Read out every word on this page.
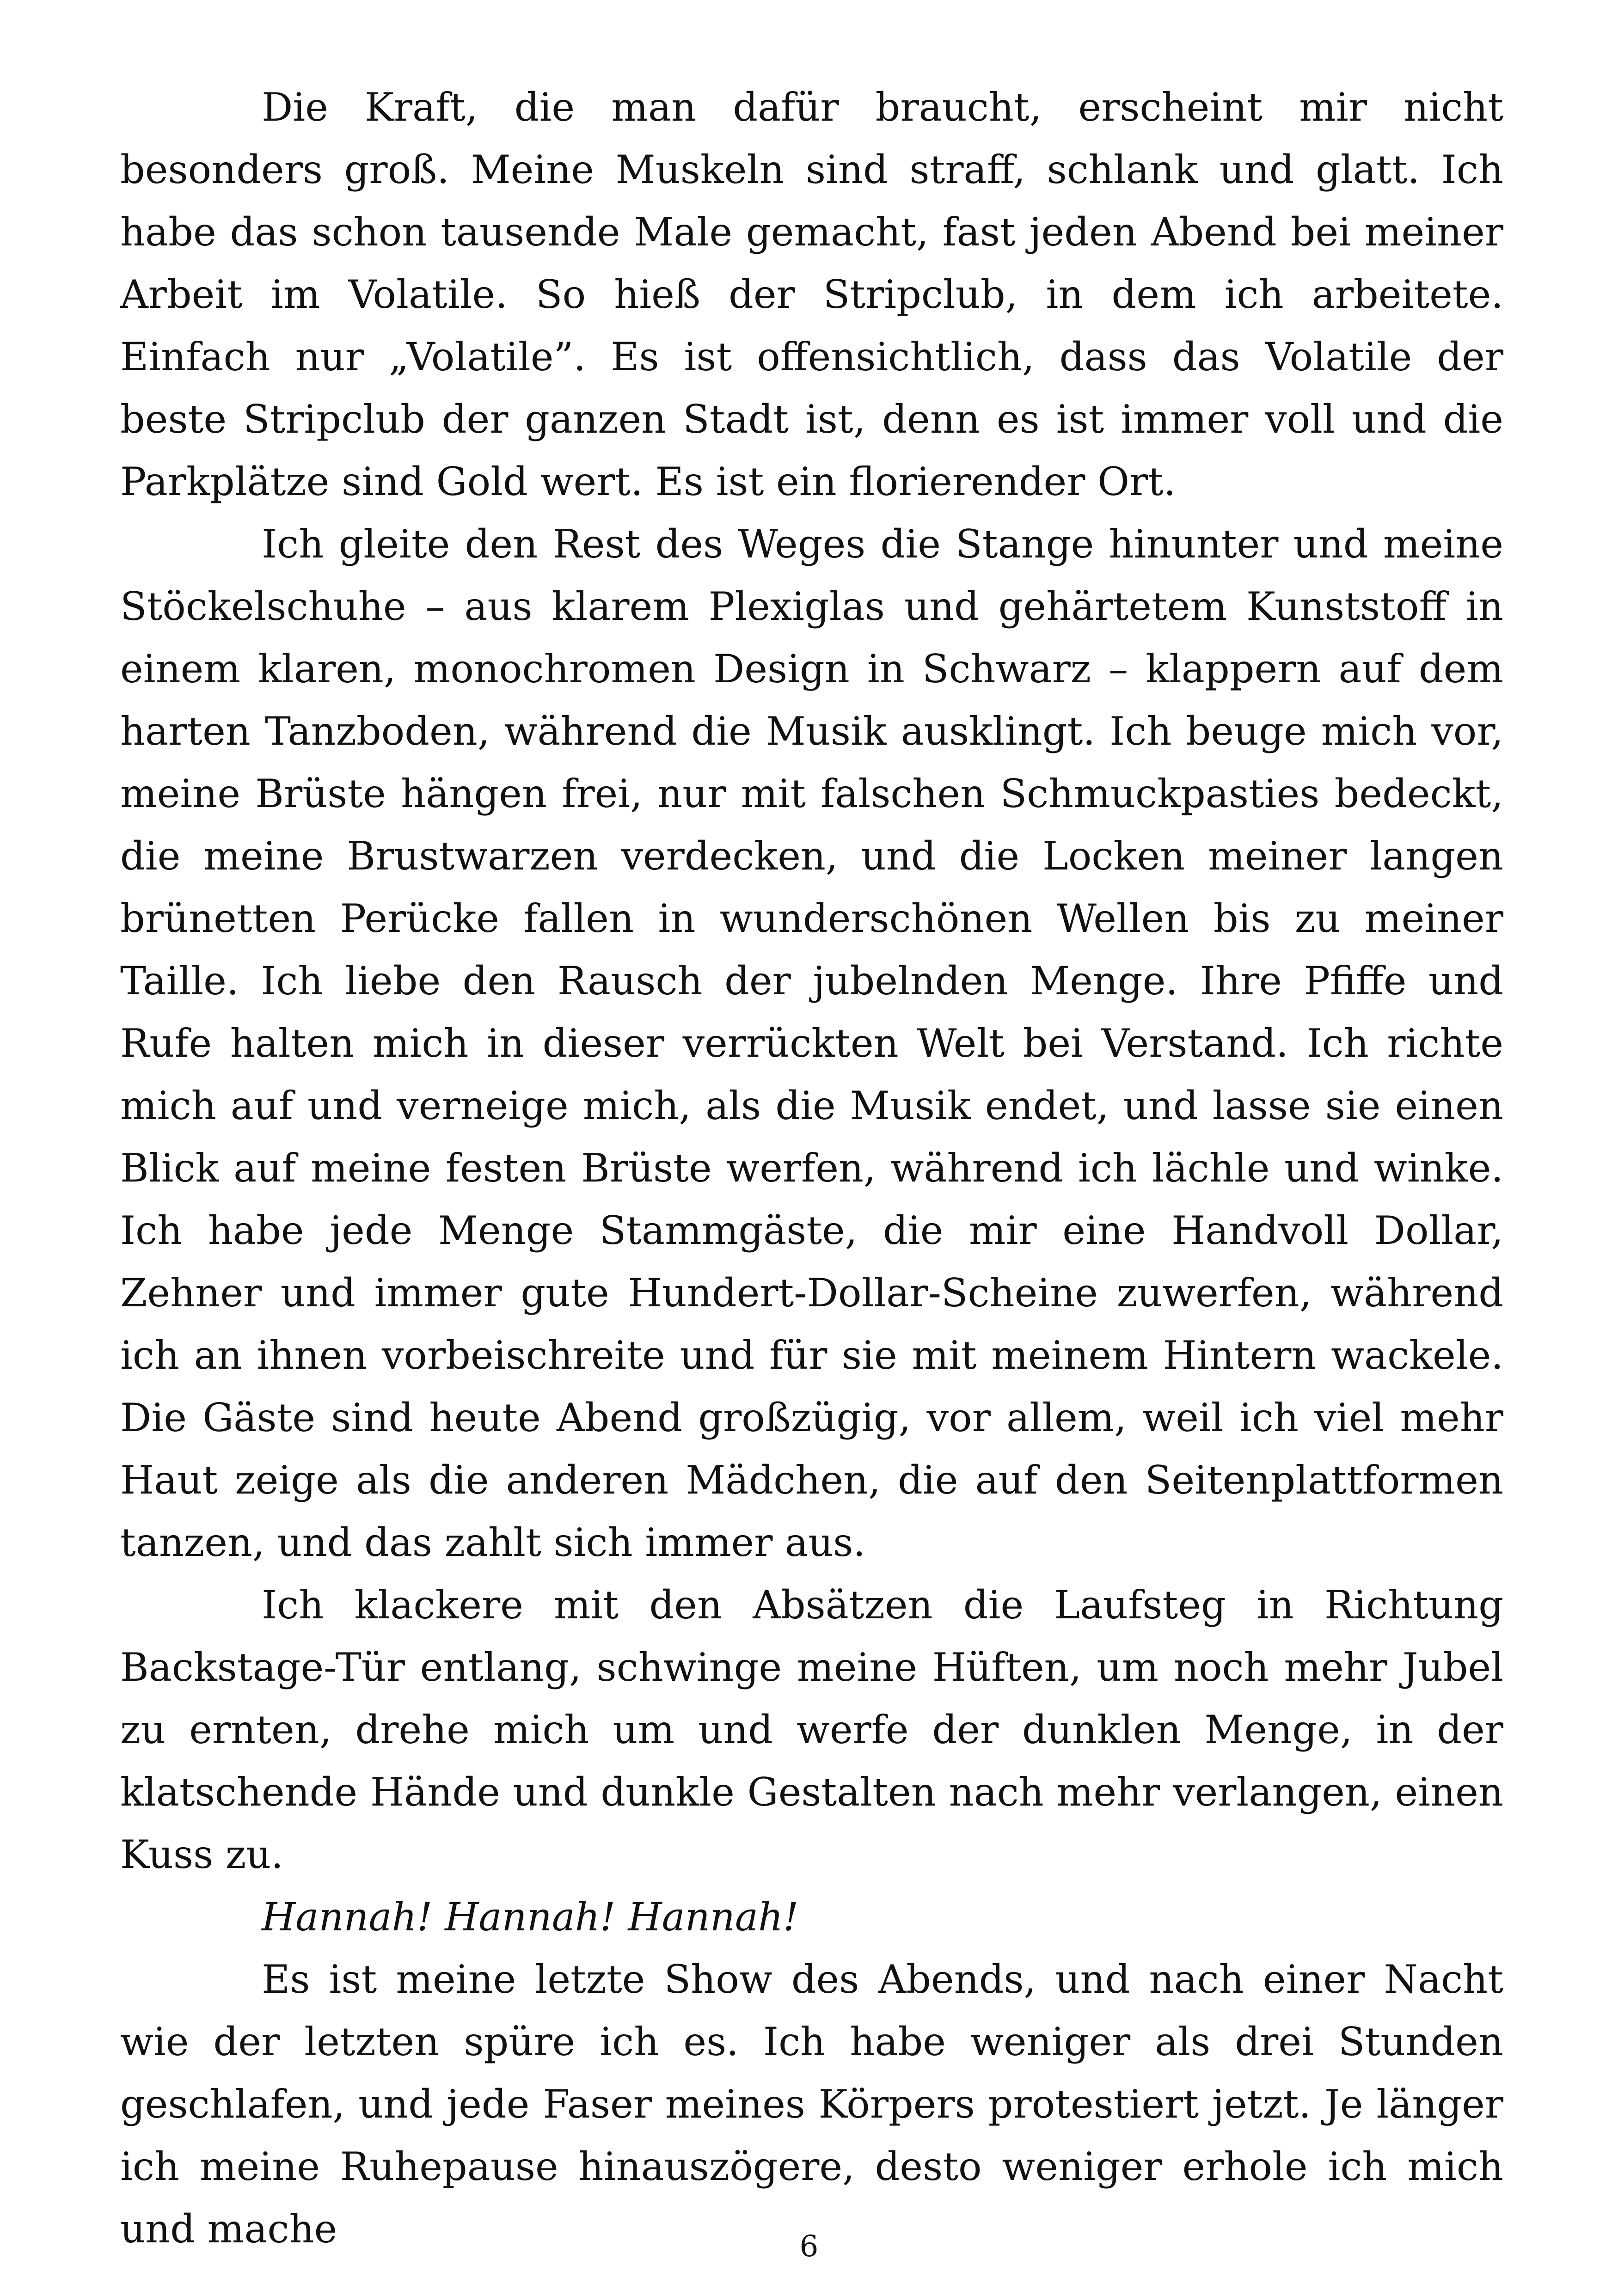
Die Kraft, die man dafür braucht, erscheint mir nicht besonders groß. Meine Muskeln sind straff, schlank und glatt. Ich habe das schon tausende Male gemacht, fast jeden Abend bei meiner Arbeit im Volatile. So hieß der Stripclub, in dem ich arbeitete. Einfach nur „Volatile”. Es ist offensichtlich, dass das Volatile der beste Stripclub der ganzen Stadt ist, denn es ist immer voll und die Parkplätze sind Gold wert. Es ist ein florierender Ort.

Ich gleite den Rest des Weges die Stange hinunter und meine Stöckelschuhe – aus klarem Plexiglas und gehärtetem Kunststoff in einem klaren, monochromen Design in Schwarz – klappern auf dem harten Tanzboden, während die Musik ausklingt. Ich beuge mich vor, meine Brüste hängen frei, nur mit falschen Schmuckpasties bedeckt, die meine Brustwarzen verdecken, und die Locken meiner langen brünetten Perücke fallen in wunderschönen Wellen bis zu meiner Taille. Ich liebe den Rausch der jubelnden Menge. Ihre Pfiffe und Rufe halten mich in dieser verrückten Welt bei Verstand. Ich richte mich auf und verneige mich, als die Musik endet, und lasse sie einen Blick auf meine festen Brüste werfen, während ich lächle und winke. Ich habe jede Menge Stammgäste, die mir eine Handvoll Dollar, Zehner und immer gute Hundert-Dollar-Scheine zuwerfen, während ich an ihnen vorbeischreite und für sie mit meinem Hintern wackele. Die Gäste sind heute Abend großzügig, vor allem, weil ich viel mehr Haut zeige als die anderen Mädchen, die auf den Seitenplattformen tanzen, und das zahlt sich immer aus.

Ich klackere mit den Absätzen die Laufsteg in Richtung Backstage-Tür entlang, schwinge meine Hüften, um noch mehr Jubel zu ernten, drehe mich um und werfe der dunklen Menge, in der klatschende Hände und dunkle Gestalten nach mehr verlangen, einen Kuss zu.

Hannah! Hannah! Hannah!

Es ist meine letzte Show des Abends, und nach einer Nacht wie der letzten spüre ich es. Ich habe weniger als drei Stunden geschlafen, und jede Faser meines Körpers protestiert jetzt. Je länger ich meine Ruhepause hinauszögere, desto weniger erhole ich mich und mache	6
